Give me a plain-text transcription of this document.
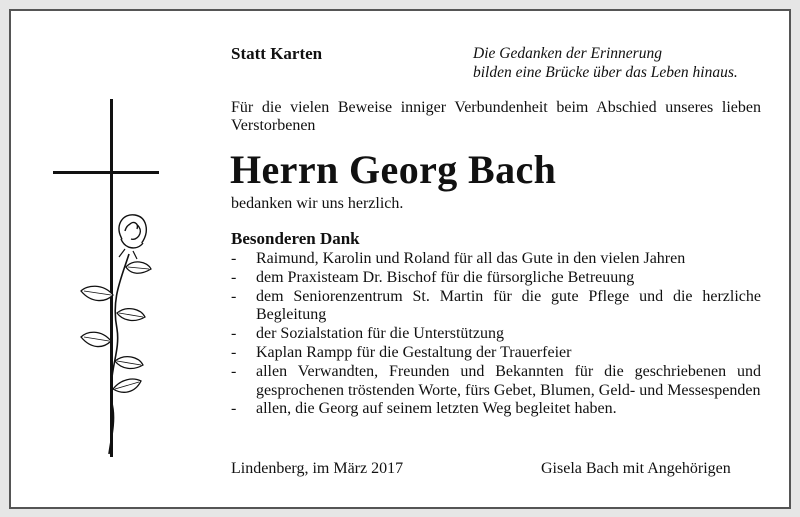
Statt Karten	Die Gedanken der Erinnerung
bilden eine Brücke über das Leben hinaus.
Für die vielen Beweise inniger Verbundenheit beim Abschied unseres lieben Verstorbenen
Herrn Georg Bach
bedanken wir uns herzlich.
Besonderen Dank
- Raimund, Karolin und Roland für all das Gute in den vielen Jahren
- dem Praxisteam Dr. Bischof für die fürsorgliche Betreuung
- dem Seniorenzentrum St. Martin für die gute Pflege und die herzliche Begleitung
- der Sozialstation für die Unterstützung
- Kaplan Rampp für die Gestaltung der Trauerfeier
- allen Verwandten, Freunden und Bekannten für die geschriebenen und gesprochenen tröstenden Worte, fürs Gebet, Blumen, Geld- und Messespenden
- allen, die Georg auf seinem letzten Weg begleitet haben.
Lindenberg, im März 2017	Gisela Bach mit Angehörigen
